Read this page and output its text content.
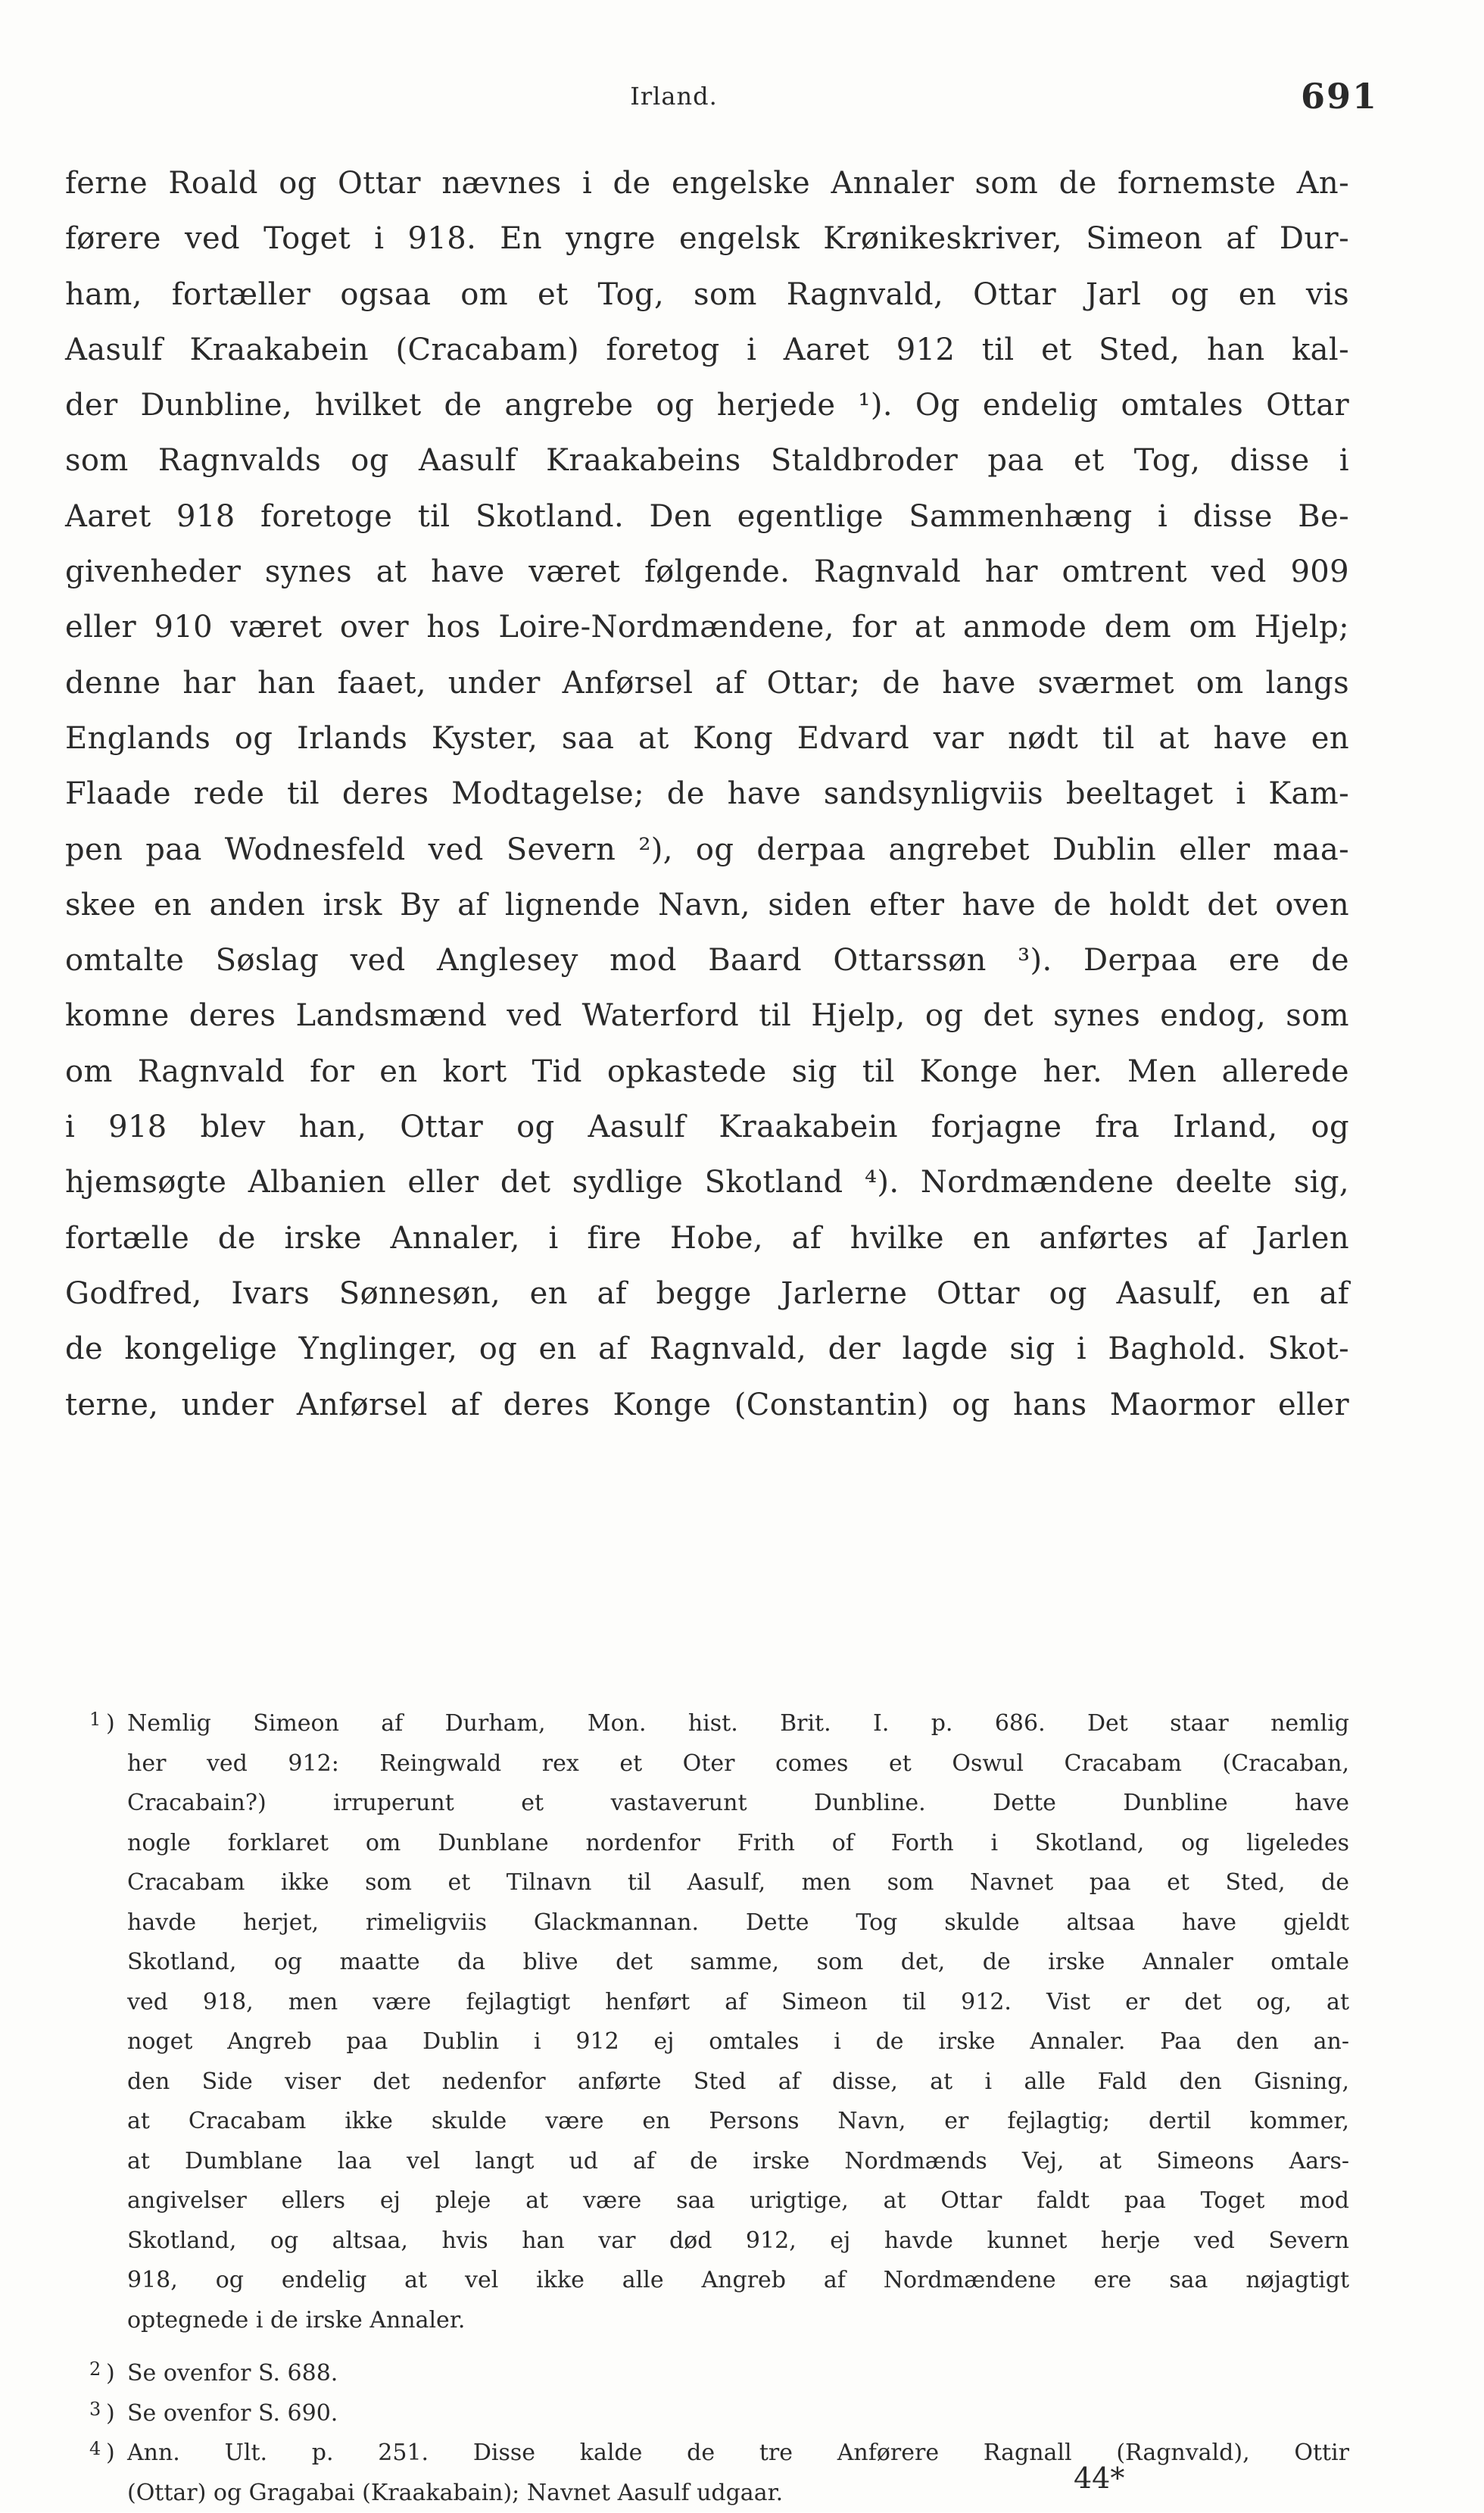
Irland.	691
ferne Roald og Ottar nævnes i de engelske Annaler som de fornemste An-
førere ved Toget i 918. En yngre engelsk Krønikeskriver, Simeon af Dur-
ham, fortæller ogsaa om et Tog, som Ragnvald, Ottar Jarl og en vis
Aasulf Kraakabein (Cracabam) foretog i Aaret 912 til et Sted, han kal-
der Dunbline, hvilket de angrebe og herjede ¹). Og endelig omtales Ottar
som Ragnvalds og Aasulf Kraakabeins Staldbroder paa et Tog, disse i
Aaret 918 foretoge til Skotland. Den egentlige Sammenhæng i disse Be-
givenheder synes at have været følgende. Ragnvald har omtrent ved 909
eller 910 været over hos Loire-Nordmændene, for at anmode dem om Hjelp;
denne har han faaet, under Anførsel af Ottar; de have sværmet om langs
Englands og Irlands Kyster, saa at Kong Edvard var nødt til at have en
Flaade rede til deres Modtagelse; de have sandsynligviis beeltaget i Kam-
pen paa Wodnesfeld ved Severn ²), og derpaa angrebet Dublin eller maa-
skee en anden irsk By af lignende Navn, siden efter have de holdt det oven
omtalte Søslag ved Anglesey mod Baard Ottarssøn ³). Derpaa ere de
komne deres Landsmænd ved Waterford til Hjelp, og det synes endog, som
om Ragnvald for en kort Tid opkastede sig til Konge her. Men allerede
i 918 blev han, Ottar og Aasulf Kraakabein forjagne fra Irland, og
hjemsøgte Albanien eller det sydlige Skotland ⁴). Nordmændene deelte sig,
fortælle de irske Annaler, i fire Hobe, af hvilke en anførtes af Jarlen
Godfred, Ivars Sønnesøn, en af begge Jarlerne Ottar og Aasulf, en af
de kongelige Ynglinger, og en af Ragnvald, der lagde sig i Baghold. Skot-
terne, under Anførsel af deres Konge (Constantin) og hans Maormor eller
1 ) Nemlig Simeon af Durham, Mon. hist. Brit. I. p. 686. Det staar nemlig
her ved 912: Reingwald rex et Oter comes et Oswul Cracabam (Cracaban,
Cracabain?) irruperunt et vastaverunt Dunbline. Dette Dunbline have
nogle forklaret om Dunblane nordenfor Frith of Forth i Skotland, og ligeledes
Cracabam ikke som et Tilnavn til Aasulf, men som Navnet paa et Sted, de
havde herjet, rimeligviis Glackmannan. Dette Tog skulde altsaa have gjeldt
Skotland, og maatte da blive det samme, som det, de irske Annaler omtale
ved 918, men være fejlagtigt henført af Simeon til 912. Vist er det og, at
noget Angreb paa Dublin i 912 ej omtales i de irske Annaler. Paa den an-
den Side viser det nedenfor anførte Sted af disse, at i alle Fald den Gisning,
at Cracabam ikke skulde være en Persons Navn, er fejlagtig; dertil kommer,
at Dumblane laa vel langt ud af de irske Nordmænds Vej, at Simeons Aars-
angivelser ellers ej pleje at være saa urigtige, at Ottar faldt paa Toget mod
Skotland, og altsaa, hvis han var død 912, ej havde kunnet herje ved Severn
918, og endelig at vel ikke alle Angreb af Nordmændene ere saa nøjagtigt
optegnede i de irske Annaler.
2 ) Se ovenfor S. 688.
3 ) Se ovenfor S. 690.
4 ) Ann. Ult. p. 251. Disse kalde de tre Anførere Ragnall (Ragnvald), Ottir
(Ottar) og Gragabai (Kraakabain); Navnet Aasulf udgaar.	44*
